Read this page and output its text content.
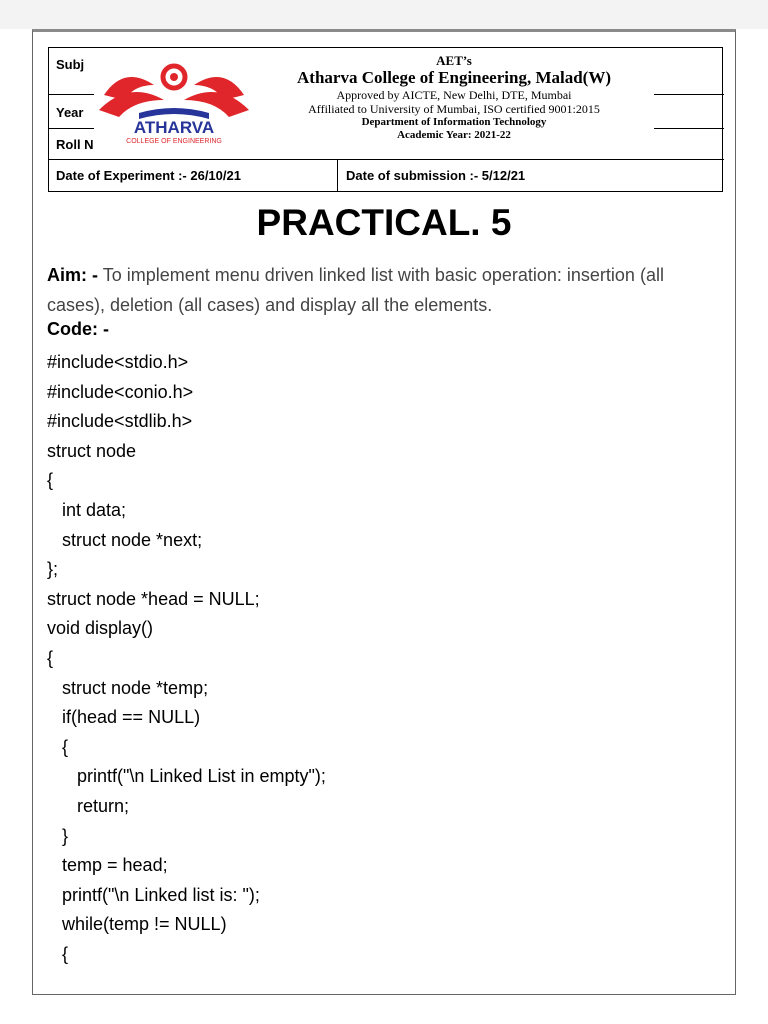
Subj
Year
Roll N
ATHARVA
COLLEGE OF ENGINEERING
AET’s
Atharva College of Engineering, Malad(W)
Approved by AICTE, New Delhi, DTE, Mumbai
Affiliated to University of Mumbai, ISO certified 9001:2015
Department of Information Technology
Academic Year: 2021-22
Date of Experiment :- 26/10/21	Date of submission :- 5/12/21
PRACTICAL. 5
Aim: - To implement menu driven linked list with basic operation: insertion (all cases), deletion (all cases) and display all the elements.
Code: -
#include<stdio.h>
#include<conio.h>
#include<stdlib.h>
struct node
{
int data;
struct node *next;
};
struct node *head = NULL;
void display()
{
struct node *temp;
if(head == NULL)
{
printf("\n Linked List in empty");
return;
}
temp = head;
printf("\n Linked list is: ");
while(temp != NULL)
{
